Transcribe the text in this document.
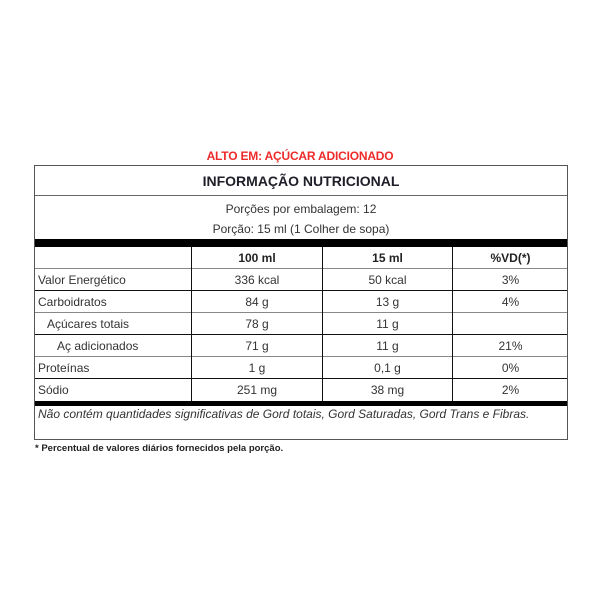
ALTO EM: AÇÚCAR ADICIONADO
INFORMAÇÃO NUTRICIONAL
Porções por embalagem: 12
Porção: 15 ml (1 Colher de sopa)
100 ml	15 ml	%VD(*)
Valor Energético	336 kcal	50 kcal	3%
Carboidratos	84 g	13 g	4%
Açúcares totais	78 g	11 g
Aç adicionados	71 g	11 g	21%
Proteínas	1 g	0,1 g	0%
Sódio	251 mg	38 mg	2%
Não contém quantidades significativas de Gord totais, Gord Saturadas, Gord Trans e Fibras.
* Percentual de valores diários fornecidos pela porção.
